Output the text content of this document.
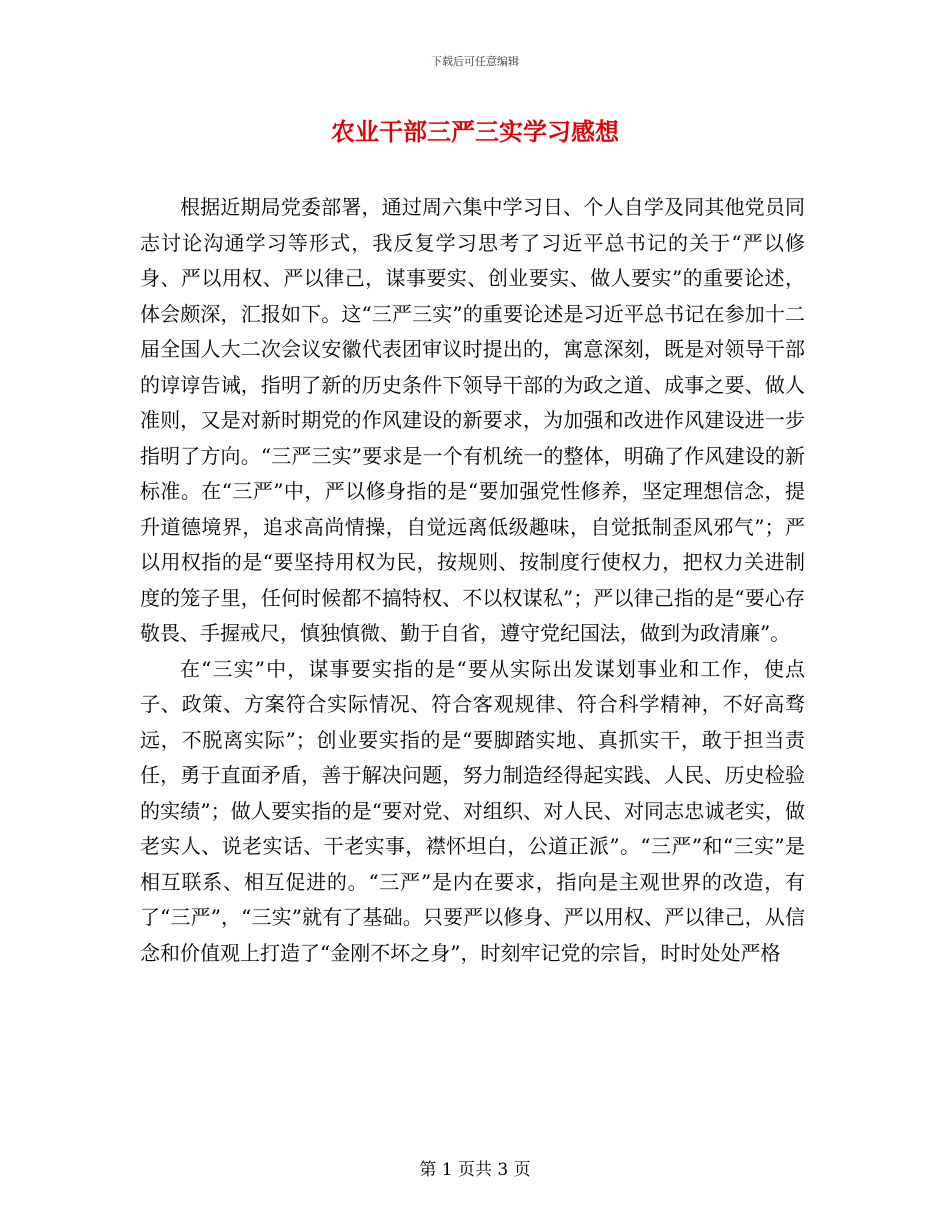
下载后可任意编辑
农业干部三严三实学习感想

根据近期局党委部署，通过周六集中学习日、个人自学及同其他党员同志讨论沟通学习等形式，我反复学习思考了习近平总书记的关于“严以修身、严以用权、严以律己，谋事要实、创业要实、做人要实”的重要论述，体会颇深，汇报如下。这“三严三实”的重要论述是习近平总书记在参加十二届全国人大二次会议安徽代表团审议时提出的，寓意深刻，既是对领导干部的谆谆告诫，指明了新的历史条件下领导干部的为政之道、成事之要、做人准则，又是对新时期党的作风建设的新要求，为加强和改进作风建设进一步指明了方向。“三严三实”要求是一个有机统一的整体，明确了作风建设的新标准。在“三严”中，严以修身指的是“要加强党性修养，坚定理想信念，提升道德境界，追求高尚情操，自觉远离低级趣味，自觉抵制歪风邪气”；严以用权指的是“要坚持用权为民，按规则、按制度行使权力，把权力关进制度的笼子里，任何时候都不搞特权、不以权谋私”；严以律己指的是“要心存敬畏、手握戒尺，慎独慎微、勤于自省，遵守党纪国法，做到为政清廉”。

在“三实”中，谋事要实指的是“要从实际出发谋划事业和工作，使点子、政策、方案符合实际情况、符合客观规律、符合科学精神，不好高骛远，不脱离实际”；创业要实指的是“要脚踏实地、真抓实干，敢于担当责任，勇于直面矛盾，善于解决问题，努力制造经得起实践、人民、历史检验的实绩”；做人要实指的是“要对党、对组织、对人民、对同志忠诚老实，做老实人、说老实话、干老实事，襟怀坦白，公道正派”。“三严”和“三实”是相互联系、相互促进的。“三严”是内在要求，指向是主观世界的改造，有了“三严”，“三实”就有了基础。只要严以修身、严以用权、严以律己，从信念和价值观上打造了“金刚不坏之身”，时刻牢记党的宗旨，时时处处严格

第 1 页共 3 页
